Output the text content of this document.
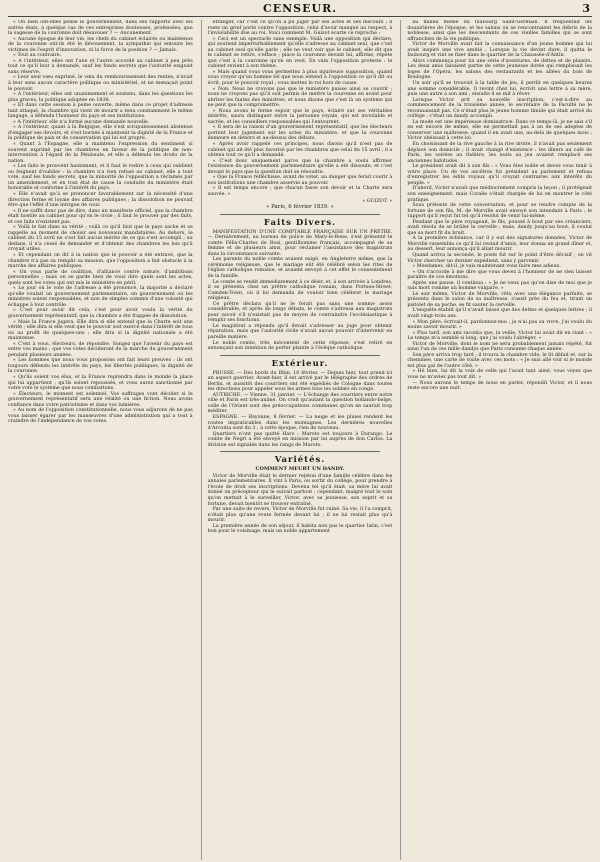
CENSEUR.	3

« On bien ont-elles pensé le gouvernement, dans ses rapports avec les autres états, à quelque cas de ces entreprises douteuses, professées, que la sagesse de la couronne doit désavouer ? — Aucunement.

« Aucune époque de leur vie, les chefs du cabinet éclairés ou maintenus de la couronne ont-ils été le dévouement, la sympathie qui entoure les victimes de l'esprit d'innovation, ni la force de la position ? — Jamais.

« Tout au contraire.

« A l'intérieur, elles ont l'une et l'autre accordé au cabinet à peu près tout ce qu'il leur a demandé, sauf les fonds secrets que l'autorité exigeait sans réserve.

« Leur seul vœu exprimé, le vœu du rembourssement des rentes, n'avait à leur sens aucun caractère politique ou ministériel, et ne menaçait point le pouvoir.

« A l'extérieur, elles ont unanimement et soutenu, dans les questions les plus graves, la politique adoptée en 1830.

« Et dans cette session à peine ouverte, même dans ce projet d'adresse tant attaqué, la chambre qui vient de mourir a tenu constamment le même langage, a défendu l'honneur du pays et ses institutions.

« A l'intérieur, elle n'a formé aucune demande nouvelle.

« A l'extérieur, quant à la Belgique, elle s'est scrupuleusement abstenue d'engager ses devoirs, et s'est bornée à maintenir la dignité de la France et la politique de paix et de conservation qui lui est propre.

« Quant à l'Espagne, elle a maintenu l'expression du sentiment si souvent exprimé par les chambres en faveur de la politique de non-intervention à l'égard de la Péninsule, et elle a défendu les droits de la nation.

« Les faits le prouvent hautement, et il faut le redire à ceux qui oublient ou feignent d'oublier : la chambre n'a rien refusé au cabinet, elle a tout voté, sauf les fonds secrets, que la minorité de l'opposition a réclamés par un amendement, et en tout état de cause la conduite du ministère était honorable et conforme à l'intérêt du pays.

« Elle n'avait qu'à se prononcer favorablement sur la nécessité d'une direction ferme et loyale des affaires publiques ; la dissolution ne pouvait être que l'effet d'une intrigue de cour.

« Il ne suffit donc pas de dire, dans un manifeste officiel, que la chambre était hostile au cabinet pour qu'on le croie ; il faut le prouver par des faits, et ces faits n'existent pas.

« Voilà le fait dans sa vérité ; voilà ce qu'il faut que le pays sache et se rappelle au moment de choisir ses nouveaux mandataires. Au dehors, le cabinet du 15 avril ne s'est fait aucun mérite de ce qui s'est accompli ; au dedans, il n'a cessé de demander et d'obtenir des chambres les lois qu'il croyait utiles.

« Et cependant on dit à la nation que le pouvoir a été entravé, que la chambre n'a pas su remplir sa mission, que l'opposition a fait obstacle à la marche des affaires publiques.

« On vous parle de coalition, d'alliance contre nature, d'ambitions personnelles ; mais on se garde bien de vous dire quels sont les actes, quels sont les votes qui ont mis le ministère en péril.

« Le jour où le vote de l'adresse a été prononcé, la majorité a déclaré qu'elle voulait un gouvernement parlementaire, un gouvernement où les ministres soient responsables, et non de simples commis d'une volonté qui échappe à tout contrôle.

« C'est pour avoir dit cela, c'est pour avoir voulu la vérité du gouvernement représentatif, que la chambre a été frappée de dissolution.

« Mais la France jugera. Elle dira si elle entend que la Charte soit une vérité ; elle dira si elle veut que le pouvoir soit exercé dans l'intérêt de tous ou au profit de quelques-uns ; elle dira si la dignité nationale a été maintenue.

« C'est à vous, électeurs, de répondre. Songez que l'avenir du pays est entre vos mains ; que vos votes décideront de la marche du gouvernement pendant plusieurs années.

« Les hommes que nous vous proposons ont fait leurs preuves : ils ont toujours défendu les intérêts du pays, les libertés publiques, la dignité de la couronne.

« Qu'ils soient vos élus, et la France reprendra dans le monde la place qui lui appartient ; qu'ils soient repoussés, et vous aurez sanctionné par votre vote le système que nous combattons.

« Électeurs, le moment est solennel. Vos suffrages vont décider si le gouvernement représentatif sera une réalité ou une fiction. Nous avons confiance dans votre patriotisme et dans vos lumières.

« Au nom de l'opposition constitutionnelle, nous vous adjurons de ne pas vous laisser égarer par les manœuvres d'une administration qui a tout à craindre de l'indépendance de vos votes.

étranger, car c'est ce qu'on a pu juger par ses actes et ses discours ; il reste un grief porté contre l'opposition, celui d'avoir manqué au respect, à l'inviolabilité due au roi. Voici comment M. Guizot écarte ce reproche :

« Ceci est un spectacle sans exemple. Voilà une opposition qui déclare, qui soutient imperturbablement qu'elle s'adresse au cabinet seul, que c'est au cabinet seul qu'elle parle ; elle ne veut voir que le cabinet, elle dit que le cabinet se retire, s'efface ; place la couronne devant lui, affirme, répète que c'est à la couronne qu'on en veut. En vain l'opposition proteste : le cabinet revient à son thème.

« Mais quand vous vous permettez à plus injurieuse supposition, quand vous croyez qu'un homme tel que nous entend à l'opposition ce qu'il dit ou écrit, pour le pouvoir royal ; vous mettez le roi hors de cause.

« Non. Nous ne croyons pas que le ministère puisse ainsi se couvrir ; nous ne croyons pas qu'il soit permis de mettre la couronne en avant pour abriter les fautes des ministres, et nous disons que c'est là un système qui ne peut que la compromettre.

« Nous avons le ferme espoir que le pays, éclairé sur ses véritables intérêts, saura distinguer entre la personne royale, qui est inviolable et sacrée, et les conseillers responsables qui l'entourent.

« Il sera de la raison d'un gouvernement représentatif, que les électeurs portent leur jugement sur les actes du ministère, et que la couronne demeure en dehors et au-dessus des débats.

« Après avoir rappelé ces principes, nous disons qu'il n'est pas de cabinet qui ait été plus favorisé par les chambres que celui du 15 avril ; il a obtenu tout ce qu'il a demandé.

« C'est donc uniquement parce que la chambre a voulu affirmer l'existence du gouvernement parlementaire qu'elle a été dissoute, et c'est devant le pays que la question doit se résoudre.

« Que la France réfléchisse, avant de voter, au danger que ferait courir à nos institutions une chambre asservie au pouvoir.

« Il est temps encore ; que chacun fasse son devoir et la Charte sera sauvée. »

« GUIZOT. »
« Paris, 6 février 1839. »
Faits Divers.

MANIFESTATION D'UNE COMPTABLE FRANÇAISE SUR UN PRÉTRE. — Dernièrement, au bureau de police de Mary-le-Bone, s'est présenté le comte Félix-Charles de Rosi, gentilhomme français, accompagné de sa femme et de plusieurs amis, pour réclamer l'assistance des magistrats dans la circonstance suivante.

Les parents du noble comte avaient exigé, en Angleterre même, que la cérémonie religieuse, que le mariage eût été célébré selon les rites de l'église catholique romaine, et avaient envoyé à cet effet le consentement de la famille.

Le comte se rendit immédiatement à ce désir, et, à son arrivée à Londres, il se présenta chez un prêtre catholique romain, dans Portsea-Street, Camden-Town, où il lui demanda de vouloir bien célébrer le mariage religieux.

Ce prêtre déclara qu'il ne le ferait pas sans une somme assez considérable, et après de longs débats, le comte s'adressa aux magistrats pour savoir s'il n'existait pas de moyen de contraindre l'ecclésiastique à remplir ses fonctions.

Le magistrat a répondu qu'il devait s'adresser au juge pour obtenir réparation, mais que l'autorité civile n'avait aucun pouvoir d'intervenir en pareille matière.

Le noble comte, très mécontent de cette réponse, s'est retiré en annonçant son intention de porter plainte à l'évêque catholique.

Extérieur.

PRUSSE. — Des bords du Rhin, 10 février. — Depuis hier, tout prend ici un aspect guerrier. Avant-hier, il est arrivé par le télégraphe des ordres de Berlin, et aussitôt des courriers ont été expédiés de Cologne dans toutes les directions pour appeler sous les armes tous les soldats en congé.

AUTRICHE. — Vienne, 31 janvier. — L'échange des courriers entre notre ville et Paris est très-animé. On croit qu'autant la question hollando-belge, celle de l'Orient sont des préoccupations communes qu'on ne saurait trop méditer.

ESPAGNE. — Bayonne, 8 février. — La neige et les pluies rendent les routes impraticables dans les montagnes. Les dernières nouvelles d'Arcoitia sont du 3 ; à cette époque, rien de nouveau.

Quartiers n'ont pas quitté Haro ; Maroto est toujours à Durango. Le comte de Negri a été envoyé en mission par lui auprès de don Carlos. La division est signalée dans les rangs de Maroto.

Variétés.
COMMENT MEURT UN DANDY.

Victor de Morville était le dernier rejeton d'une famille célèbre dans les annales parlementaires. Il vint à Paris, ou sortir du collège, pour prendre à l'école de droit ses inscriptions. Devenu tel qu'il était, sa mère lui avait donné un précepteur qui le suivait partout ; cependant, malgré tout le soin qu'on mettait à le surveiller, Victor, avec sa jeunesse, son esprit et sa fortune, devait bientôt se trouver entraîné.

Par une suite de revers, Victor de Morville fut ruiné. Sa vie, il l'a comprit, n'était plus qu'une route fermée devant lui ; il ne lui restait plus qu'à mourir.

La première année de son séjour, il habita non pas le quartier latin, c'est bon pour le voisinage, mais un noble appartement

au milieu même du faubourg Saint-Germain. Il fréquentait les douairières de l'époque, et les salons où se rencontraient les débris de la noblesse, ainsi que les descendants de ces vieilles familles qui se sont affranchies de la vie publique.

Victor de Morville avait fait la connaissance d'un jeune homme qui lui avait inspiré une vive amitié ; Lorsque la vie devint dure, il quitta le faubourg et vint se fixer dans le quartier de la Chaussée-d'Antin.

Alors commença pour lui une série d'aventures, de dettes et de plaisirs. Les deux amis faisaient partie de cette jeunesse dorée qui remplissait les loges de l'Opéra, les salons des restaurants et les allées du bois de Boulogne.

Un soir qu'il se trouvait à la table de jeu, il perdit en quelques heures une somme considérable. Il revint chez lui, écrivit une lettre à sa mère, puis une autre à son ami ; ensuite il se mit à rêver.

Lorsque Victor prit sa nouvelle inscription, c'est-à-dire au commencement de la troisième année, le secrétaire de la Faculté ne le reconnaissait pas. Ce n'était plus le jeune homme timide qui était arrivé du collège ; c'était un dandy accompli.

La mode est une impérieuse dominatrice. Dans ce temps-là, je ne sais s'il en est encore de même, elle ne permettait pas à un de ses adeptes de conserver une maîtresse, quand il en avait une, au-delà de quelques mois ; Victor obéissait à cette loi.

En choisissant de la rive gauche à la rive droite, il n'avait pas seulement déplacé son domicile ; il avait changé d'existence : les dîners au café de Paris, les soirées au théâtre, les nuits au jeu avaient remplacé ses anciennes habitudes.

Le président avait dit à son fils : « Vous êtes noble et devez vous tenir à votre place. Un de vos ancêtres fut président au parlement et refusa d'enregistrer les édits royaux qu'il croyait contraires aux intérêts du peuple. »

D'abord, Victor n'avait que médiocrement compris la leçon ; il protégeait son enseignement, mais Coralie s'était chargée de lui en montrer le côté pratique.

Sous prétexte de cette conversation, et pour se rendre compte de la fortune de son fils, M. de Morville avait envoyé son intendant à Paris ; le rapport qu'il reçut fut tel qu'il résolut de venir lui-même.

Pendant que le père voyageait, le fils, poussé à bout par ses créanciers, avait résolu de se brûler la cervelle ; mais, dandy jusqu'au bout, il voulut que sa mort fit du bruit.

A la première échéance, car il y eut des signatures données, Victor de Morville rassembla ce qu'il lui restait d'amis, leur donna un grand dîner et, au dessert, leur annonça qu'il allait mourir.

Quand arriva la seconde, le poste fut sur le point d'être décisif ; on vit Victor chercher un dernier expédient, sans y parvenir.

« Mesdames, dit-il, je vais maintenant vous faire mes adieux.

« On s'accorde à me dire que vous devez à l'honneur de ne rien laisser paraître de vos émotions.

Après une pause, il continua : « Je ne veux pas qu'on dise de moi que je suis mort comme un homme vulgaire. »

Le soir même, Victor de Morville, vêtu avec une élégance parfaite, se présenta dans le salon de sa maîtresse, s'assit près du feu et, tirant un pistolet de sa poche, se fit sauter la cervelle.

L'enquête établit qu'il n'avait laissé que des dettes et quelques lettres ; il avait vingt-trois ans.

« Mon père, écrivait-il, pardonnez-moi ; je n'ai pas su vivre, j'ai voulu du moins savoir mourir. »

« Plus tard, son ami raconta que, la veille, Victor lui avait dit en riant : « Le temps m'a semblé si long, que j'ai voulu l'abréger. »

Victor de Morville, dont le nom ne sera probablement jamais répété, fut ainsi l'un de ces mille dandys que Paris consume chaque année.

Son père arriva trop tard ; il trouva la chambre vide, le lit défait et, sur la cheminée, une carte de visite avec ces mots : « Je suis allé voir si le monde est plus gai de l'autre côté. »

« Hé bien, lui dit la voix de celle qui l'avait tant aimé, vous voyez que vous ne m'aviez pas tout dit. »

— Nous aurons le temps de nous en parler, répondit Victor, et il nous reste encore une nuit.
